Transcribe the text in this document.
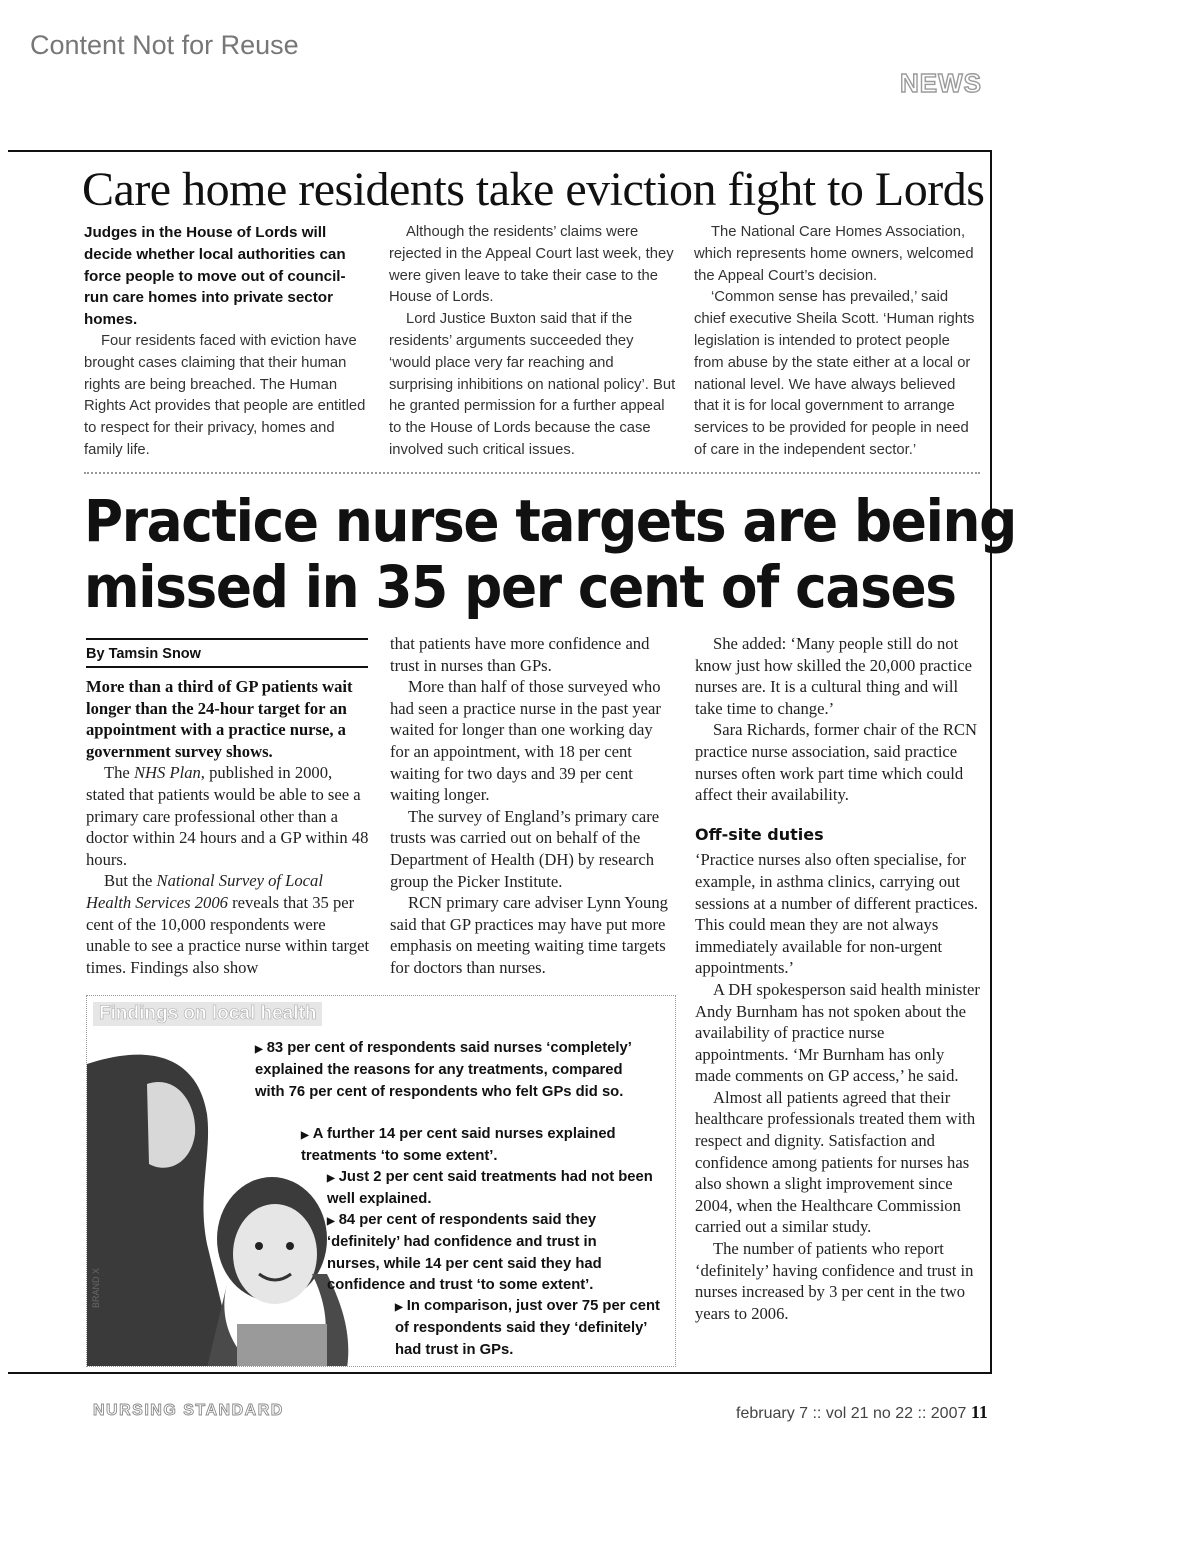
Content Not for Reuse
NEWS
Care home residents take eviction fight to Lords

Judges in the House of Lords will decide whether local authorities can force people to move out of council-run care homes into private sector homes.

Four residents faced with eviction have brought cases claiming that their human rights are being breached. The Human Rights Act provides that people are entitled to respect for their privacy, homes and family life.

Although the residents’ claims were rejected in the Appeal Court last week, they were given leave to take their case to the House of Lords.

Lord Justice Buxton said that if the residents’ arguments succeeded they ‘would place very far reaching and surprising inhibitions on national policy’. But he granted permission for a further appeal to the House of Lords because the case involved such critical issues.

The National Care Homes Association, which represents home owners, welcomed the Appeal Court’s decision.

‘Common sense has prevailed,’ said chief executive Sheila Scott. ‘Human rights legislation is intended to protect people from abuse by the state either at a local or national level. We have always believed that it is for local government to arrange services to be provided for people in need of care in the independent sector.’

Practice nurse targets are being
missed in 35 per cent of cases
By Tamsin Snow

More than a third of GP patients wait longer than the 24-hour target for an appointment with a practice nurse, a government survey shows.

The NHS Plan, published in 2000, stated that patients would be able to see a primary care professional other than a doctor within 24 hours and a GP within 48 hours.

But the National Survey of Local Health Services 2006 reveals that 35 per cent of the 10,000 respondents were unable to see a practice nurse within target times. Findings also show

that patients have more confidence and trust in nurses than GPs.

More than half of those surveyed who had seen a practice nurse in the past year waited for longer than one working day for an appointment, with 18 per cent waiting for two days and 39 per cent waiting longer.

The survey of England’s primary care trusts was carried out on behalf of the Department of Health (DH) by research group the Picker Institute.

RCN primary care adviser Lynn Young said that GP practices may have put more emphasis on meeting waiting time targets for doctors than nurses.

She added: ‘Many people still do not know just how skilled the 20,000 practice nurses are. It is a cultural thing and will take time to change.’

Sara Richards, former chair of the RCN practice nurse association, said practice nurses often work part time which could affect their availability.

Off-site duties

‘Practice nurses also often specialise, for example, in asthma clinics, carrying out sessions at a number of different practices. This could mean they are not always immediately available for non-urgent appointments.’

A DH spokesperson said health minister Andy Burnham has not spoken about the availability of practice nurse appointments. ‘Mr Burnham has only made comments on GP access,’ he said.

Almost all patients agreed that their healthcare professionals treated them with respect and dignity. Satisfaction and confidence among patients for nurses has also shown a slight improvement since 2004, when the Healthcare Commission carried out a similar study.

The number of patients who report ‘definitely’ having confidence and trust in nurses increased by 3 per cent in the two years to 2006.

BRAND X
Findings on local health
▶ 83 per cent of respondents said nurses ‘completely’ explained the reasons for any treatments, compared with 76 per cent of respondents who felt GPs did so.
▶ A further 14 per cent said nurses explained treatments ‘to some extent’.
▶ Just 2 per cent said treatments had not been well explained.
▶ 84 per cent of respondents said they ‘definitely’ had confidence and trust in nurses, while 14 per cent said they had confidence and trust ‘to some extent’.
▶ In comparison, just over 75 per cent of respondents said they ‘definitely’ had trust in GPs.
NURSING STANDARD	february 7 :: vol 21 no 22 :: 2007 11
